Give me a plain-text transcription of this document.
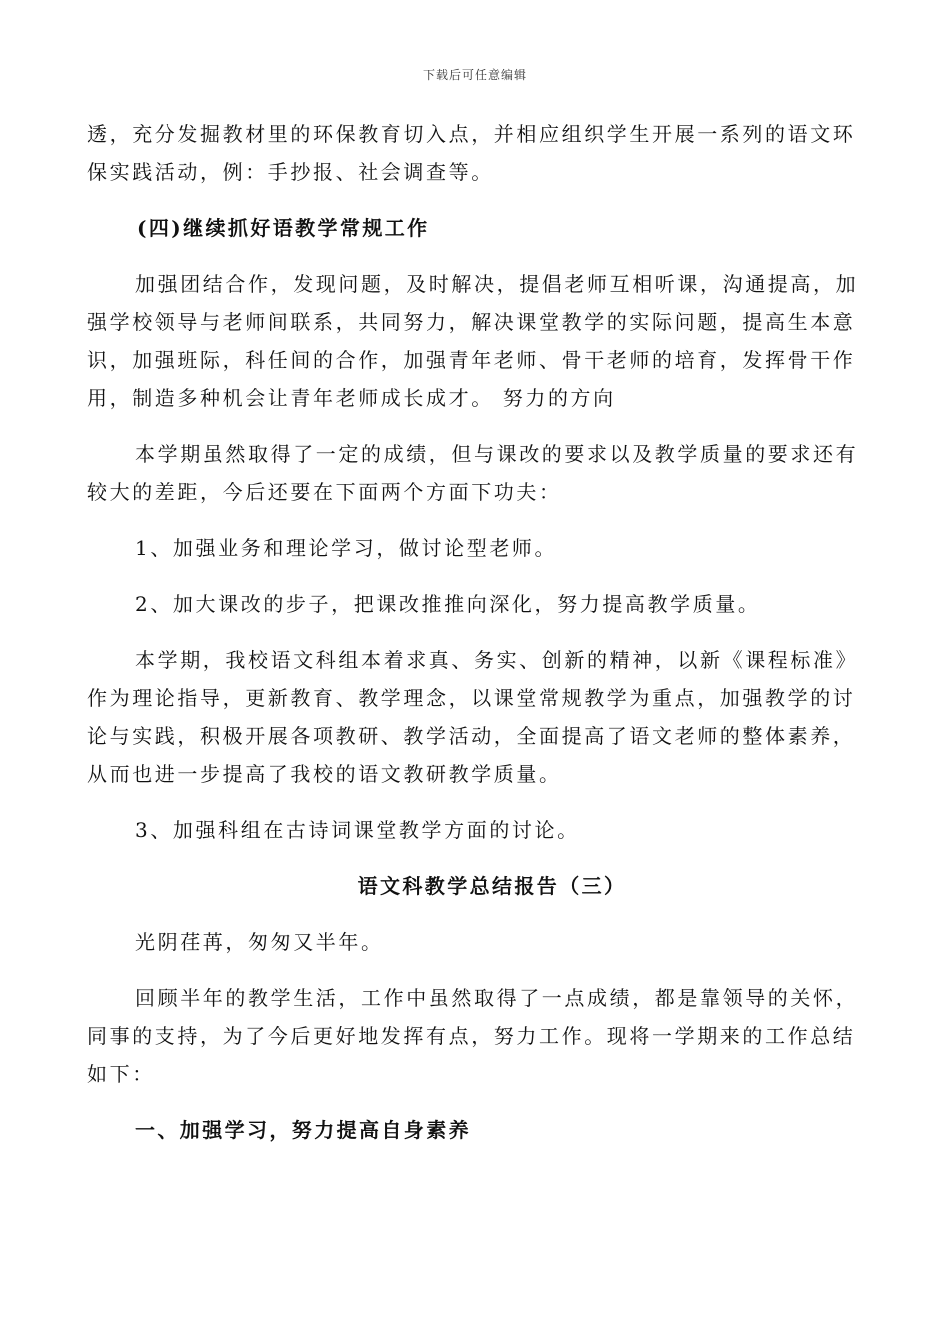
下载后可任意编辑
透，充分发掘教材里的环保教育切入点，并相应组织学生开展一系列的语文环
保实践活动，例：手抄报、社会调查等。
(四)继续抓好语教学常规工作
加强团结合作，发现问题，及时解决，提倡老师互相听课，沟通提高，加
强学校领导与老师间联系，共同努力，解决课堂教学的实际问题，提高生本意
识，加强班际，科任间的合作，加强青年老师、骨干老师的培育，发挥骨干作
用，制造多种机会让青年老师成长成才。 努力的方向
本学期虽然取得了一定的成绩，但与课改的要求以及教学质量的要求还有
较大的差距，今后还要在下面两个方面下功夫：
1、加强业务和理论学习，做讨论型老师。
2、加大课改的步子，把课改推推向深化，努力提高教学质量。
本学期，我校语文科组本着求真、务实、创新的精神，以新《课程标准》
作为理论指导，更新教育、教学理念，以课堂常规教学为重点，加强教学的讨
论与实践，积极开展各项教研、教学活动，全面提高了语文老师的整体素养，
从而也进一步提高了我校的语文教研教学质量。
3、加强科组在古诗词课堂教学方面的讨论。
语文科教学总结报告（三）
光阴荏苒，匆匆又半年。
回顾半年的教学生活，工作中虽然取得了一点成绩，都是靠领导的关怀，
同事的支持，为了今后更好地发挥有点，努力工作。现将一学期来的工作总结
如下：
一、加强学习，努力提高自身素养
